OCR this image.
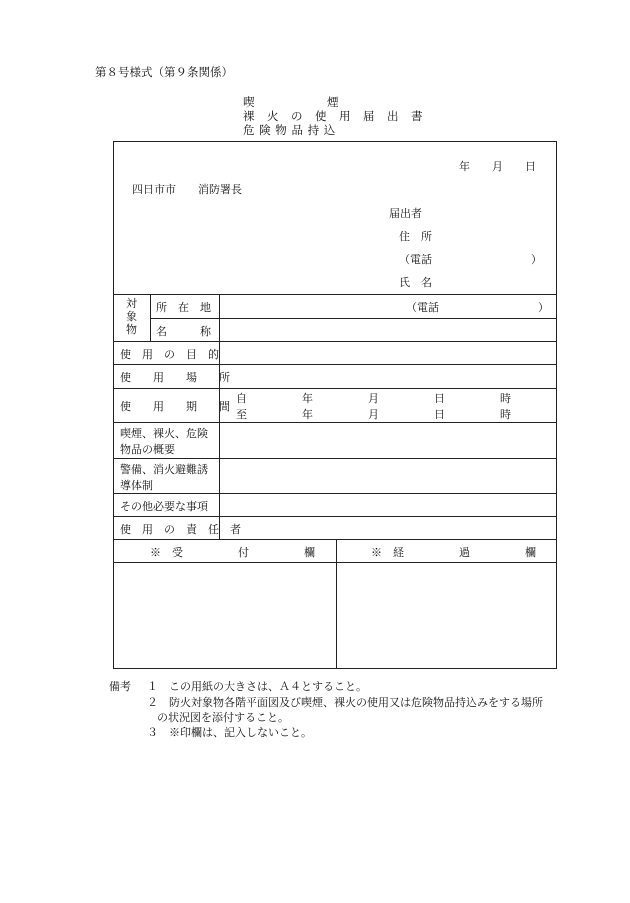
第８号様式（第９条関係）
喫　　　　　　煙
裸　火　の　使　用　届　出　書
危 険 物 品 持 込
年　　月　　日
四日市市　　消防署長
届出者
住　所
（電話　　　　　　　　　）
氏　名
対象物
所　在　地	（電話　　　　　　　　　）
名　　　称
使　用　の　目　的
使　　用　　場　　所
使　　用　　期　　間
自　　　　　年　　　　　月　　　　　日　　　　　時
至　　　　　年　　　　　月　　　　　日　　　　　時
喫煙、裸火、危険
物品の概要
警備、消火避難誘
導体制
その他必要な事項
使　用　の　責　任　者
※　受　　　　　付　　　　　欄	※　経　　　　　過　　　　　欄
備考 １　この用紙の大きさは、Ａ４とすること。
２　防火対象物各階平面図及び喫煙、裸火の使用又は危険物品持込みをする場所
の状況図を添付すること。
３　※印欄は、記入しないこと。
